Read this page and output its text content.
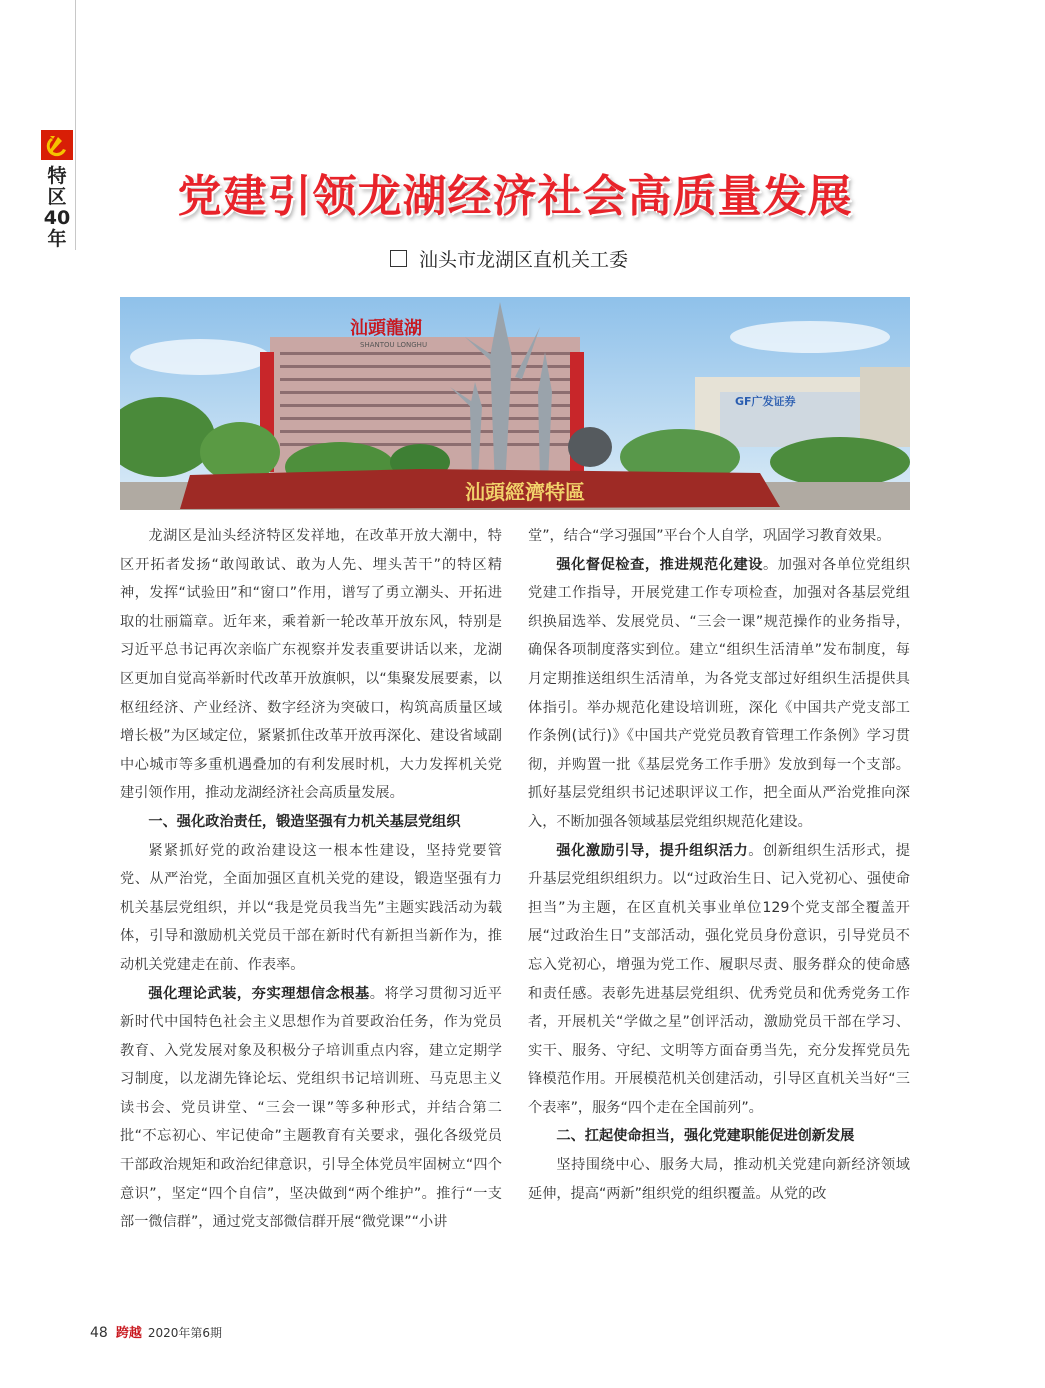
特
区
40
年
党建引领龙湖经济社会高质量发展
汕头市龙湖区直机关工委
汕頭龍湖
SHANTOU LONGHU
GF广发证券
汕頭經濟特區

龙湖区是汕头经济特区发祥地，在改革开放大潮中，特区开拓者发扬“敢闯敢试、敢为人先、埋头苦干”的特区精神，发挥“试验田”和“窗口”作用，谱写了勇立潮头、开拓进取的壮丽篇章。近年来，乘着新一轮改革开放东风，特别是习近平总书记再次亲临广东视察并发表重要讲话以来，龙湖区更加自觉高举新时代改革开放旗帜，以“集聚发展要素，以枢纽经济、产业经济、数字经济为突破口，构筑高质量区域增长极”为区域定位，紧紧抓住改革开放再深化、建设省域副中心城市等多重机遇叠加的有利发展时机，大力发挥机关党建引领作用，推动龙湖经济社会高质量发展。

一、强化政治责任，锻造坚强有力机关基层党组织

紧紧抓好党的政治建设这一根本性建设，坚持党要管党、从严治党，全面加强区直机关党的建设，锻造坚强有力机关基层党组织，并以“我是党员我当先”主题实践活动为载体，引导和激励机关党员干部在新时代有新担当新作为，推动机关党建走在前、作表率。

强化理论武装，夯实理想信念根基。将学习贯彻习近平新时代中国特色社会主义思想作为首要政治任务，作为党员教育、入党发展对象及积极分子培训重点内容，建立定期学习制度，以龙湖先锋论坛、党组织书记培训班、马克思主义读书会、党员讲堂、“三会一课”等多种形式，并结合第二批“不忘初心、牢记使命”主题教育有关要求，强化各级党员干部政治规矩和政治纪律意识，引导全体党员牢固树立“四个意识”，坚定“四个自信”，坚决做到“两个维护”。推行“一支部一微信群”，通过党支部微信群开展“微党课”“小讲

堂”，结合“学习强国”平台个人自学，巩固学习教育效果。

强化督促检查，推进规范化建设。加强对各单位党组织党建工作指导，开展党建工作专项检查，加强对各基层党组织换届选举、发展党员、“三会一课”规范操作的业务指导，确保各项制度落实到位。建立“组织生活清单”发布制度，每月定期推送组织生活清单，为各党支部过好组织生活提供具体指引。举办规范化建设培训班，深化《中国共产党支部工作条例(试行)》《中国共产党党员教育管理工作条例》学习贯彻，并购置一批《基层党务工作手册》发放到每一个支部。抓好基层党组织书记述职评议工作，把全面从严治党推向深入，不断加强各领域基层党组织规范化建设。

强化激励引导，提升组织活力。创新组织生活形式，提升基层党组织组织力。以“过政治生日、记入党初心、强使命担当”为主题，在区直机关事业单位129个党支部全覆盖开展“过政治生日”支部活动，强化党员身份意识，引导党员不忘入党初心，增强为党工作、履职尽责、服务群众的使命感和责任感。表彰先进基层党组织、优秀党员和优秀党务工作者，开展机关“学做之星”创评活动，激励党员干部在学习、实干、服务、守纪、文明等方面奋勇当先，充分发挥党员先锋模范作用。开展模范机关创建活动，引导区直机关当好“三个表率”，服务“四个走在全国前列”。

二、扛起使命担当，强化党建职能促进创新发展

坚持围绕中心、服务大局，推动机关党建向新经济领域延伸，提高“两新”组织党的组织覆盖。从党的改

48 跨越 2020年第6期
